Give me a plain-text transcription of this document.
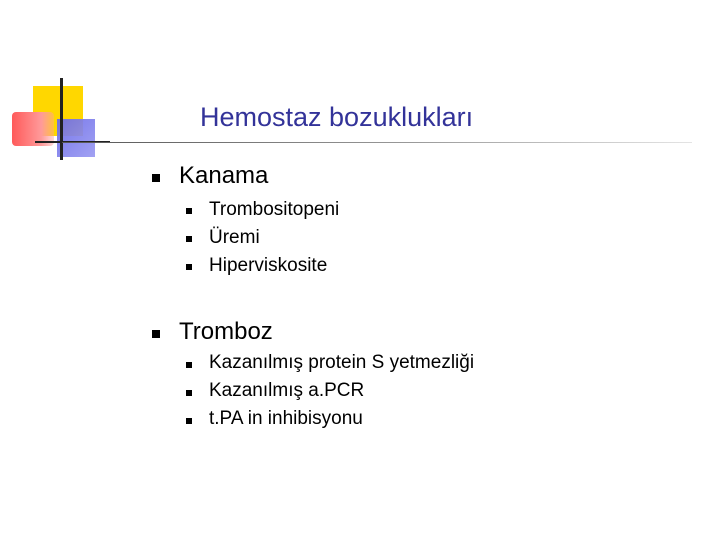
Hemostaz bozuklukları
Kanama
Trombositopeni
Üremi
Hiperviskosite
Tromboz
Kazanılmış protein S yetmezliği
Kazanılmış a.PCR
t.PA in inhibisyonu
